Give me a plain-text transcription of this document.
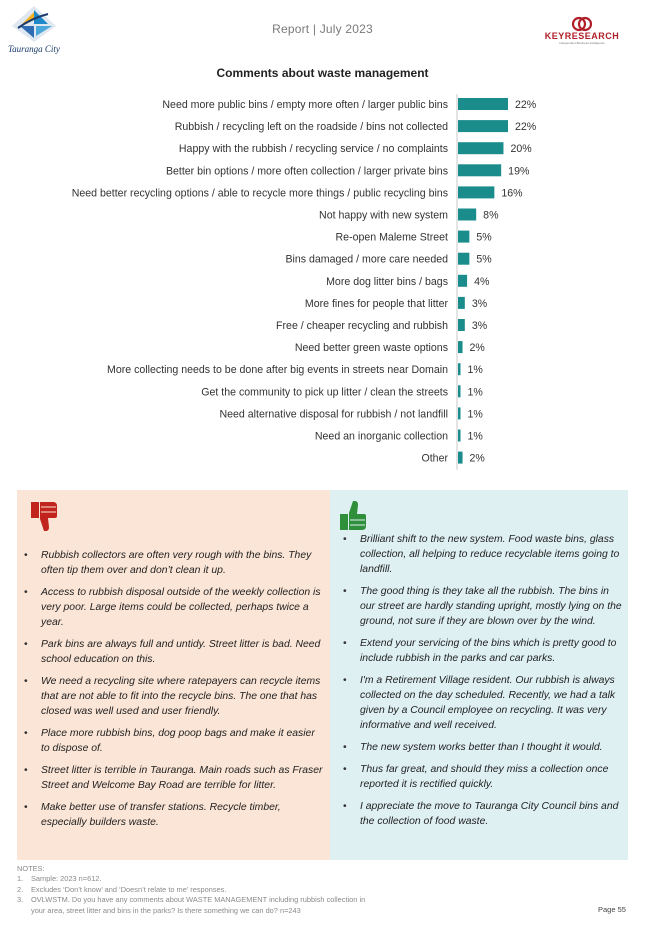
Tauranga City
Report | July 2023	KEYRESEARCH
Independent Business Intelligence
Comments about waste management
Need more public bins / empty more often / larger public bins	22%
Rubbish / recycling left on the roadside / bins not collected	22%
Happy with the rubbish / recycling service / no complaints	20%
Better bin options / more often collection / larger private bins	19%
Need better recycling options / able to recycle more things / public recycling bins	16%
Not happy with new system	8%
Re-open Maleme Street	5%
Bins damaged / more care needed	5%
More dog litter bins / bags 4%
More fines for people that litter 3%
Free / cheaper recycling and rubbish 3%
Need better green waste options 2%
More collecting needs to be done after big events in streets near Domain 1%
Get the community to pick up litter / clean the streets 1%
Need alternative disposal for rubbish / not landfill 1%
Need an inorganic collection 1%
Other 2%
• Rubbish collectors are often very rough with the bins. They often tip them over and don’t clean it up.
• Access to rubbish disposal outside of the weekly collection is very poor. Large items could be collected, perhaps twice a year.
• Park bins are always full and untidy. Street litter is bad. Need school education on this.
• We need a recycling site where ratepayers can recycle items that are not able to fit into the recycle bins. The one that has closed was well used and user friendly.
• Place more rubbish bins, dog poop bags and make it easier to dispose of.
• Street litter is terrible in Tauranga. Main roads such as Fraser Street and Welcome Bay Road are terrible for litter.
• Make better use of transfer stations. Recycle timber, especially builders waste.
• Brilliant shift to the new system. Food waste bins, glass collection, all helping to reduce recyclable items going to landfill.
• The good thing is they take all the rubbish. The bins in our street are hardly standing upright, mostly lying on the ground, not sure if they are blown over by the wind.
• Extend your servicing of the bins which is pretty good to include rubbish in the parks and car parks.
• I'm a Retirement Village resident. Our rubbish is always collected on the day scheduled. Recently, we had a talk given by a Council employee on recycling. It was very informative and well received.
• The new system works better than I thought it would.
• Thus far great, and should they miss a collection once reported it is rectified quickly.
• I appreciate the move to Tauranga City Council bins and the collection of food waste.
NOTES:
1. Sample: 2023 n=612.
2. Excludes ‘Don’t know’ and ‘Doesn’t relate to me’ responses.
3. OVLWSTM. Do you have any comments about WASTE MANAGEMENT including rubbish collection in
your area, street litter and bins in the parks? Is there something we can do? n=243	Page 55
